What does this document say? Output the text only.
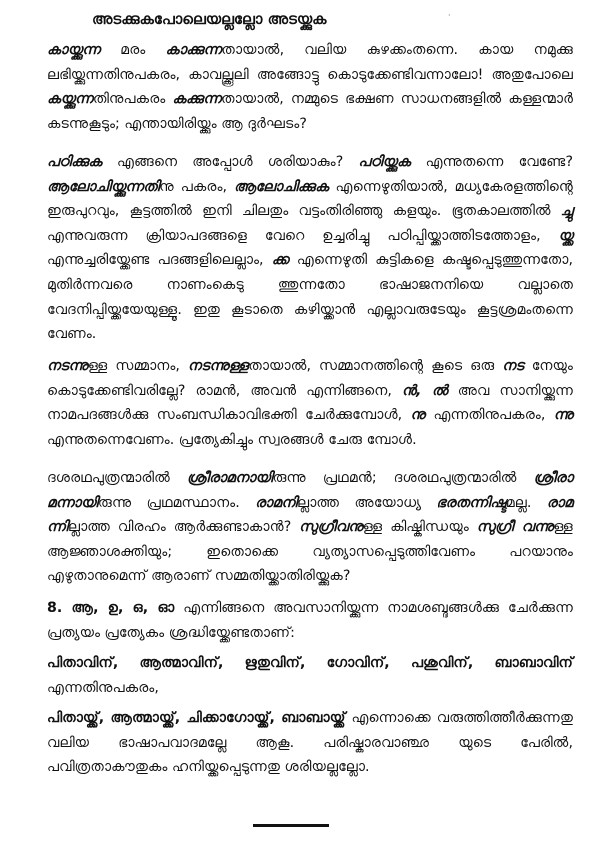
അടക്കുകപോലെയല്ലല്ലോ അടയ്ക്കുക	·

കായ്ക്കുന്ന മരം കാക്കുന്നതായാൽ, വലിയ കുഴക്കംതന്നെ. കായ നമുക്കു ലഭിയ്ക്കുന്നതിനുപകരം, കാവല്ക്കൂലി അങ്ങോട്ടു കൊടുക്കേണ്ടിവന്നാലോ! അതുപോലെ കയ്ക്കുന്നതിനുപകരം കക്കുന്നതായാൽ, നമ്മുടെ ഭക്ഷണ സാധനങ്ങളിൽ കള്ളന്മാർ കടന്നുകൂടും; എന്തായിരിയ്ക്കും ആ ദുർഘടം?

പഠിക്കുക എങ്ങനെ അപ്പോൾ ശരിയാകും? പഠിയ്ക്കുക എന്നുതന്നെ വേണ്ടേ? ആലോചിയ്ക്കുന്നതിനു പകരം, ആലോചിക്കുക എന്നെഴുതിയാൽ, മധ്യകേരളത്തിന്റെ ഇരുപുറവും, കൂട്ടത്തിൽ ഇനി ചിലതും വട്ടംതിരിഞ്ഞു കളയും. ഭൂതകാലത്തിൽ ച്ചു എന്നുവരുന്ന ക്രിയാപദങ്ങളെ വേറെ ഉച്ചരിച്ചു പഠിപ്പിയ്ക്കാത്തിടത്തോളം, യ്ക്ക എന്നുച്ചരിയ്ക്കേണ്ട പദങ്ങളിലെല്ലാം, ക്ക എന്നെഴുതി കുട്ടികളെ കഷ്ടപ്പെടുത്തുന്നതോ, മുതിർന്നവരെ നാണംകെടു ത്തുന്നതോ ഭാഷാജനനിയെ വല്ലാതെ വേദനിപ്പിയ്ക്കയേയുള്ളൂ. ഇതു കൂടാതെ കഴിയ്ക്കാൻ എല്ലാവരുടേയും കൂട്ടശ്രമംതന്നെ വേണം.

നടന്നുള്ള സമ്മാനം, നടന്നുള്ളതായാൽ, സമ്മാനത്തിന്റെ കൂടെ ഒരു നട നേയും കൊടുക്കേണ്ടിവരില്ലേ? രാമൻ, അവൻ എന്നിങ്ങനെ, ൻ, ൽ അവ സാനിയ്ക്കുന്ന നാമപദങ്ങൾക്കു സംബന്ധികാവിഭക്തി ചേർക്കുമ്പോൾ, നു എന്നതിനുപകരം, ന്നു എന്നുതന്നെവേണം. പ്രത്യേകിച്ചും സ്വരങ്ങൾ ചേരു മ്പോൾ.

ദശരഥപുത്രന്മാരിൽ ശ്രീരാമനായിരുന്നു പ്രഥമൻ; ദശരഥപുത്രന്മാരിൽ ശ്രീരാ മന്നായിരുന്നു പ്രഥമസ്ഥാനം. രാമനില്ലാത്ത അയോധ്യ ഭരതന്നിഷ്ടമല്ല. രാമ ന്നില്ലാത്ത വിരഹം ആർക്കുണ്ടാകാൻ? സുഗ്രീവനുള്ള കിഷ്കിന്ധയും സുഗ്രീ വന്നുള്ള ആജ്ഞാശക്തിയും; ഇതൊക്കെ വ്യത്യാസപ്പെടുത്തിവേണം പറയാനും എഴുതാനുമെന്ന് ആരാണ് സമ്മതിയ്ക്കാതിരിയ്ക്കുക?

8. ആ, ഉ, ഒ, ഓ എന്നിങ്ങനെ അവസാനിയ്ക്കുന്ന നാമശബ്ദങ്ങൾക്കു ചേർക്കുന്ന പ്രത്യയം പ്രത്യേകം ശ്രദ്ധിയ്ക്കേണ്ടതാണ്:

പിതാവിന്, ആത്മാവിന്, ഋതുവിന്, ഗോവിന്, പശുവിന്, ബാബാവിന് എന്നതിനുപകരം,

പിതായ്ക്ക്, ആത്മായ്ക്ക്, ചിക്കാഗോയ്ക്ക്, ബാബായ്ക്ക് എന്നൊക്കെ വരുത്തിത്തീർക്കുന്നതു വലിയ ഭാഷാപവാദമല്ലേ ആകൂ. പരിഷ്കാരവാഞ്ഛ യുടെ പേരിൽ, പവിത്രതാകൗതുകം ഹനിയ്ക്കപ്പെടുന്നതു ശരിയല്ലല്ലോ.
